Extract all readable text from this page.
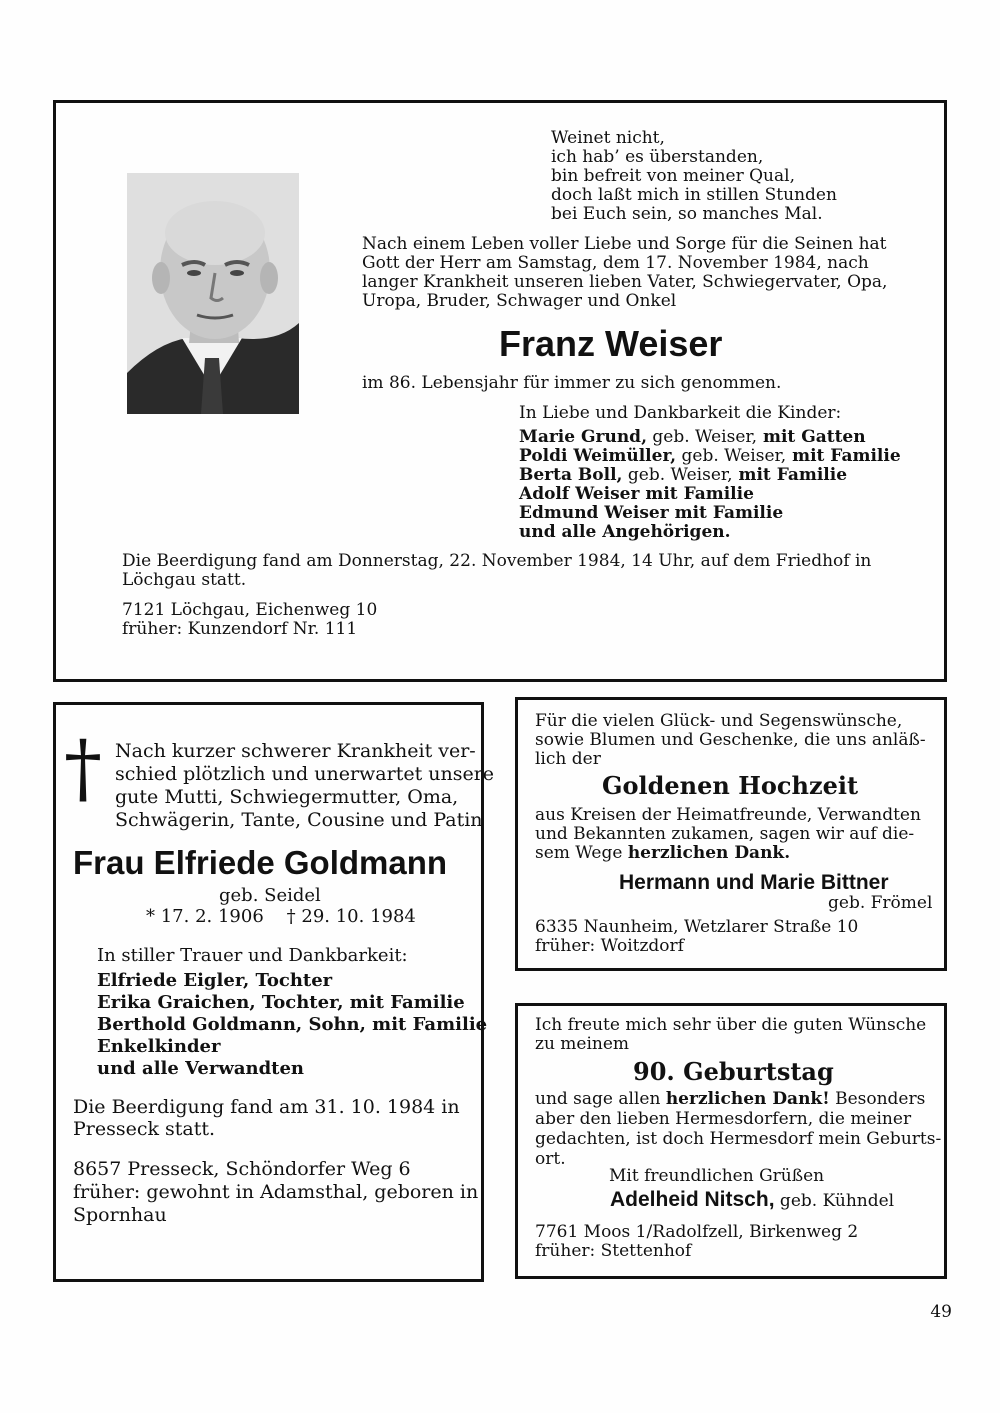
Weinet nicht,

ich hab’ es überstanden,

bin befreit von meiner Qual,

doch laßt mich in stillen Stunden

bei Euch sein, so manches Mal.

Nach einem Leben voller Liebe und Sorge für die Seinen hat

Gott der Herr am Samstag, dem 17. November 1984, nach

langer Krankheit unseren lieben Vater, Schwiegervater, Opa,

Uropa, Bruder, Schwager und Onkel

Franz Weiser

im 86. Lebensjahr für immer zu sich genommen.

In Liebe und Dankbarkeit die Kinder:

Marie Grund, geb. Weiser, mit Gatten

Poldi Weimüller, geb. Weiser, mit Familie

Berta Boll, geb. Weiser, mit Familie

Adolf Weiser mit Familie

Edmund Weiser mit Familie

und alle Angehörigen.

Die Beerdigung fand am Donnerstag, 22. November 1984, 14 Uhr, auf dem Friedhof in

Löchgau statt.

7121 Löchgau, Eichenweg 10

früher: Kunzendorf Nr. 111

† Nach kurzer schwerer Krankheit ver-

schied plötzlich und unerwartet unsere

gute Mutti, Schwiegermutter, Oma,

Schwägerin, Tante, Cousine und Patin

Frau Elfriede Goldmann

geb. Seidel

* 17. 2. 1906    † 29. 10. 1984

In stiller Trauer und Dankbarkeit:

Elfriede Eigler, Tochter

Erika Graichen, Tochter, mit Familie

Berthold Goldmann, Sohn, mit Familie

Enkelkinder

und alle Verwandten

Die Beerdigung fand am 31. 10. 1984 in

Presseck statt.

8657 Presseck, Schöndorfer Weg 6

früher: gewohnt in Adamsthal, geboren in

Spornhau

Für die vielen Glück- und Segenswünsche,

sowie Blumen und Geschenke, die uns anläß-

lich der

Goldenen Hochzeit

aus Kreisen der Heimatfreunde, Verwandten

und Bekannten zukamen, sagen wir auf die-

sem Wege herzlichen Dank.

Hermann und Marie Bittner

geb. Frömel

6335 Naunheim, Wetzlarer Straße 10

früher: Woitzdorf

Ich freute mich sehr über die guten Wünsche

zu meinem

90. Geburtstag

und sage allen herzlichen Dank! Besonders

aber den lieben Hermesdorfern, die meiner

gedachten, ist doch Hermesdorf mein Geburts-

ort.

Mit freundlichen Grüßen

Adelheid Nitsch, geb. Kühndel

7761 Moos 1/Radolfzell, Birkenweg 2

früher: Stettenhof

49
